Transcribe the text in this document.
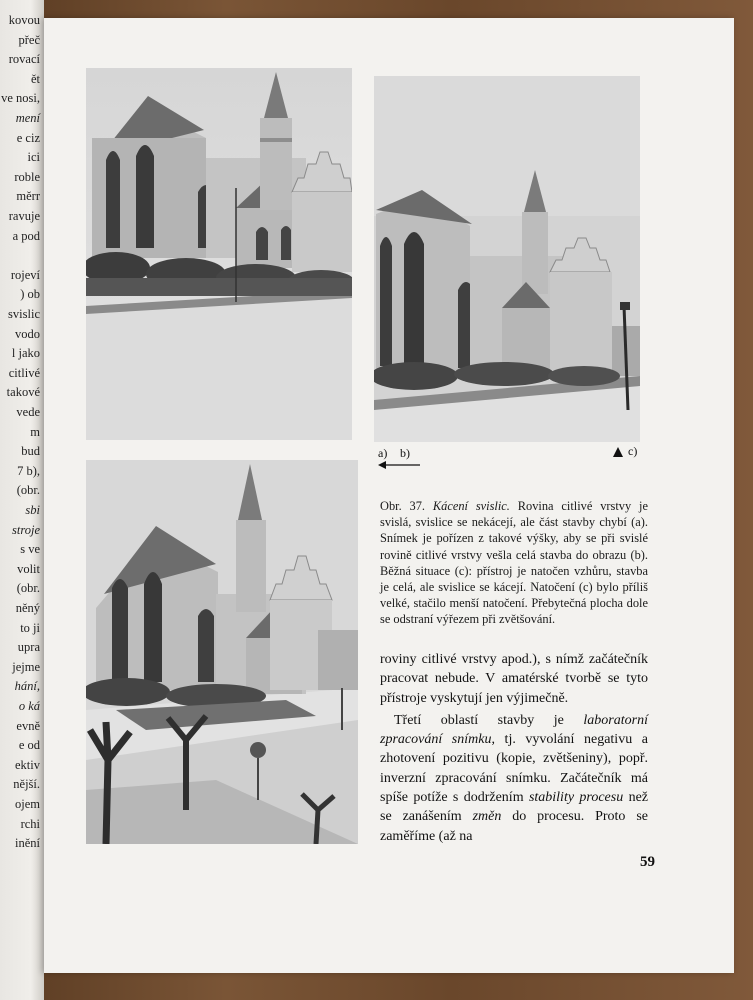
kovou
přeč
rovací
ět
ve nosi,
mení
e ciz
ici
roble
měrr
ravuje
a pod
rojeví
) ob
svislic
vodo
l jako
citlivé
takové
vede
m
bud
7 b),
(obr.
sbi
stroje
s ve
volit
(obr.
něný
to ji
upra
jejme
hání,
o ká
evně
e od
ektiv
nější.
ojem
rchi
inění
a) b)	c)

Obr. 37. Kácení svislic. Rovina citlivé vrstvy je svislá, svislice se nekácejí, ale část stavby chybí (a). Snímek je pořízen z takové výšky, aby se při svislé rovině citlivé vrstvy vešla celá stavba do obrazu (b). Běžná situace (c): přístroj je natočen vzhůru, stavba je celá, ale svislice se kácejí. Natočení (c) bylo příliš velké, stačilo menší natočení. Přebytečná plocha dole se odstraní výřezem při zvětšování.

roviny citlivé vrstvy apod.), s nímž začátečník pracovat nebude. V amatérské tvorbě se tyto přístroje vyskytují jen výjimečně.

Třetí oblastí stavby je laboratorní zpracování snímku, tj. vyvolání negativu a zhotovení pozitivu (kopie, zvětšeniny), popř. inverzní zpracování snímku. Začátečník má spíše potíže s dodržením stability procesu než se zanášením změn do procesu. Proto se zaměříme (až na

59
